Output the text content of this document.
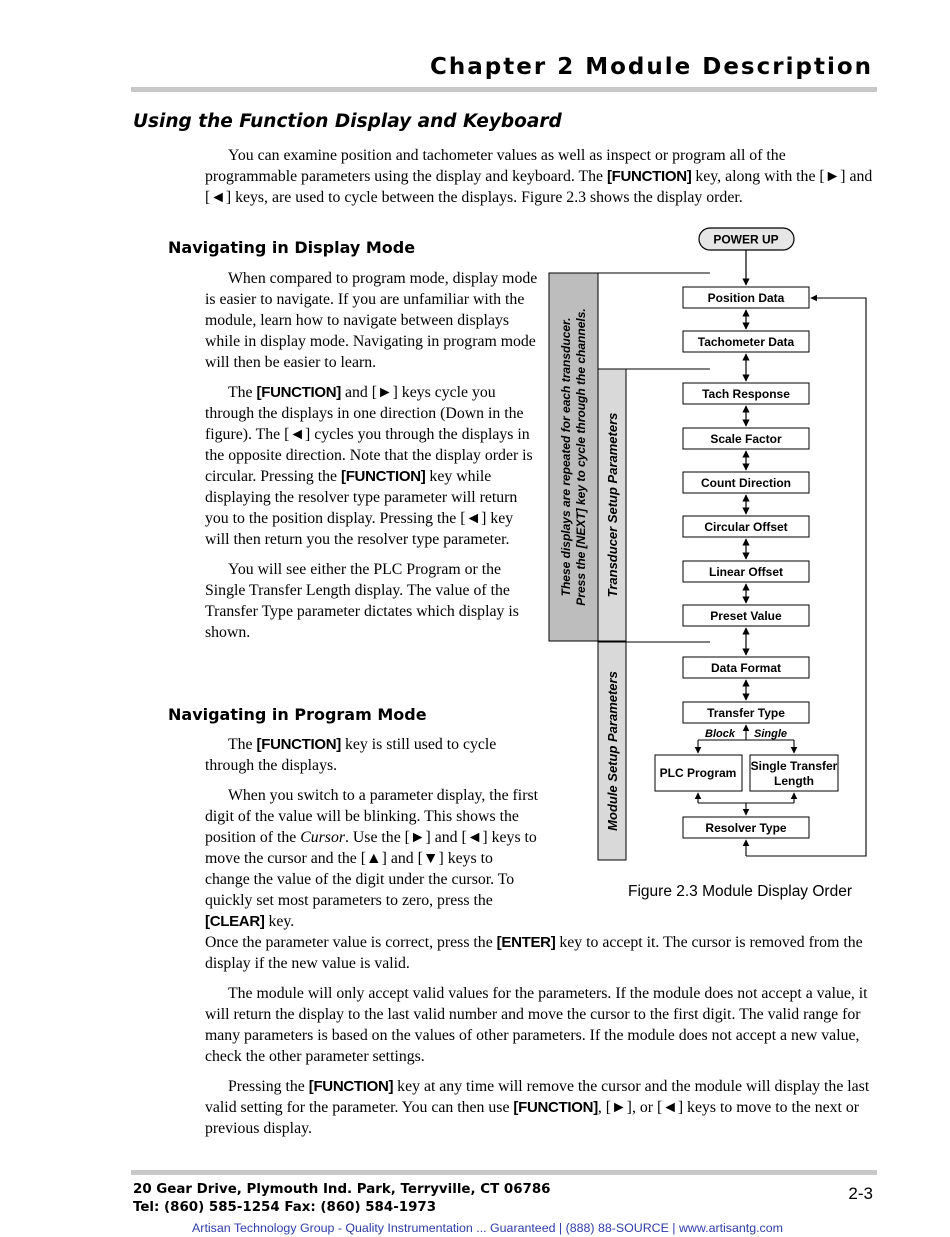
Chapter 2 Module Description
Using the Function Display and Keyboard

You can examine position and tachometer values as well as inspect or program all of the programmable parameters using the display and keyboard. The [FUNCTION] key, along with the [►] and [◄] keys, are used to cycle between the displays. Figure 2.3 shows the display order.

Navigating in Display Mode

When compared to program mode, display mode is easier to navigate. If you are unfamiliar with the module, learn how to navigate between displays while in display mode. Navigating in program mode will then be easier to learn.

The [FUNCTION] and [►] keys cycle you through the displays in one direction (Down in the figure). The [◄] cycles you through the displays in the opposite direction. Note that the display order is circular. Pressing the [FUNCTION] key while displaying the resolver type parameter will return you to the position display. Pressing the [◄] key will then return you the resolver type parameter.

You will see either the PLC Program or the Single Transfer Length display. The value of the Transfer Type parameter dictates which display is shown.

Navigating in Program Mode

The [FUNCTION] key is still used to cycle through the displays.

When you switch to a parameter display, the first digit of the value will be blinking. This shows the position of the Cursor. Use the [►] and [◄] keys to move the cursor and the [▲] and [▼] keys to change the value of the digit under the cursor. To quickly set most parameters to zero, press the [CLEAR] key.

Once the parameter value is correct, press the [ENTER] key to accept it. The cursor is removed from the display if the new value is valid.

The module will only accept valid values for the parameters. If the module does not accept a value, it will return the display to the last valid number and move the cursor to the first digit. The valid range for many parameters is based on the values of other parameters. If the module does not accept a new value, check the other parameter settings.

Pressing the [FUNCTION] key at any time will remove the cursor and the module will display the last valid setting for the parameter. You can then use [FUNCTION], [►], or [◄] keys to move to the next or previous display.

These displays are repeated for each transducer. Press the [NEXT] key to cycle through the channels. Transducer Setup Parameters
Module Setup Parameters
POWER UP
Position Data
Tachometer Data
Tach Response
Scale Factor
Count Direction
Circular Offset
Linear Offset
Preset Value
Data Format
Transfer Type
PLC Program Single Transfer
Length
Resolver Type
Block Single
Figure 2.3 Module Display Order
20 Gear Drive, Plymouth Ind. Park, Terryville, CT 06786
Tel: (860) 585-1254 Fax: (860) 584-1973
2-3
Artisan Technology Group - Quality Instrumentation ... Guaranteed | (888) 88-SOURCE | www.artisantg.com
